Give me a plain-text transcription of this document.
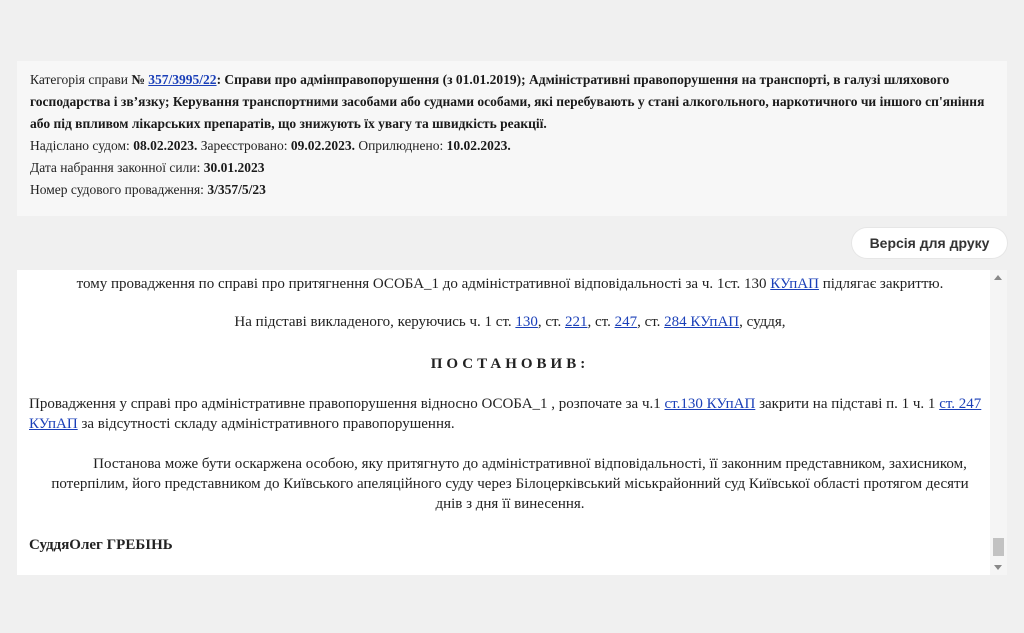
Категорія справи № 357/3995/22: Справи про адмінправопорушення (з 01.01.2019); Адміністративні правопорушення на транспорті, в галузі шляхового господарства і зв’язку; Керування транспортними засобами або суднами особами, які перебувають у стані алкогольного, наркотичного чи іншого сп'яніння або під впливом лікарських препаратів, що знижують їх увагу та швидкість реакції.
Надіслано судом: 08.02.2023. Зареєстровано: 09.02.2023. Оприлюднено: 10.02.2023.
Дата набрання законної сили: 30.01.2023
Номер судового провадження: 3/357/5/23
Версія для друку

тому провадження по справі про притягнення ОСОБА_1 до адміністративної відповідальності за ч. 1ст. 130 КУпАП підлягає закриттю.

На підставі викладеного, керуючись ч. 1 ст. 130, ст. 221, ст. 247, ст. 284 КУпАП, суддя,

ПОСТАНОВИВ:

Провадження у справі про адміністративне правопорушення відносно ОСОБА_1 , розпочате за ч.1 ст.130 КУпАП закрити на підставі п. 1 ч. 1 ст. 247 КУпАП за відсутності складу адміністративного правопорушення.

Постанова може бути оскаржена особою, яку притягнуто до адміністративної відповідальності, її законним представником, захисником, потерпілим, його представником до Київського апеляційного суду через Білоцерківський міськрайонний суд Київської області протягом десяти днів з дня її винесення.

СуддяОлег ГРЕБІНЬ
